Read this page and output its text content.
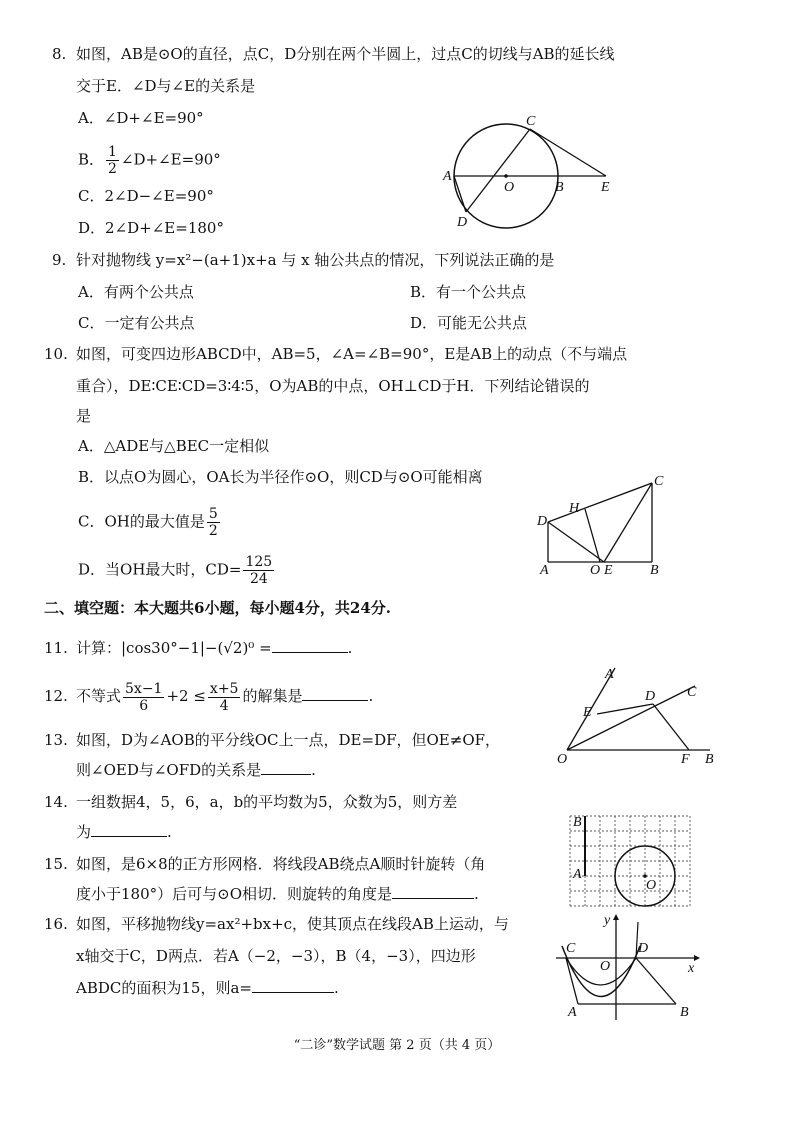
8. 如图，AB是⊙O的直径，点C，D分别在两个半圆上，过点C的切线与AB的延长线
交于E．∠D与∠E的关系是
A．∠D+∠E=90°
B． $\frac{1}{2}$ ∠D+∠E=90°
C．2∠D−∠E=90°
D．2∠D+∠E=180°
A
O	B	E
C
D
9. 针对抛物线 y=x²−(a+1)x+a 与 x 轴公共点的情况，下列说法正确的是
A．有两个公共点	B．有一个公共点
C．一定有公共点	D．可能无公共点
10. 如图，可变四边形ABCD中，AB=5，∠A=∠B=90°，E是AB上的动点（不与端点
重合），DE∶CE∶CD=3∶4∶5，O为AB的中点，OH⊥CD于H．下列结论错误的
是
A．△ADE与△BEC一定相似
B．以点O为圆心，OA长为半径作⊙O，则CD与⊙O可能相离
C．OH的最大值是 $\frac{5}{2}$
D．当OH最大时，$CD= \frac{125}{24}$
D
H
C
A	O E	B
二、填空题：本大题共6小题，每小题4分，共24分.
11. 计算：|cos30°−1|−(√2)⁰ =	.
12. 不等式 $\frac{5x-1}{6} +2 \le \frac{x+5}{4}$ 的解集是	.
13. 如图，D为∠AOB的平分线OC上一点，DE=DF，但OE≠OF，
则∠OED与∠OFD的关系是	.
A
D C
E
O	F B
14. 一组数据4，5，6，a，b的平均数为5，众数为5，则方差
为	.
15. 如图，是6×8的正方形网格．将线段AB绕点A顺时针旋转（角
度小于180°）后可与⊙O相切．则旋转的角度是	.
B
A
O
16. 如图，平移抛物线y=ax²+bx+c，使其顶点在线段AB上运动，与
x轴交于C，D两点．若A（−2，−3），B（4，−3），四边形
ABDC的面积为15，则a=	.
y
C	D
O	x
A	B
“二诊”数学试题 第 2 页（共 4 页）
